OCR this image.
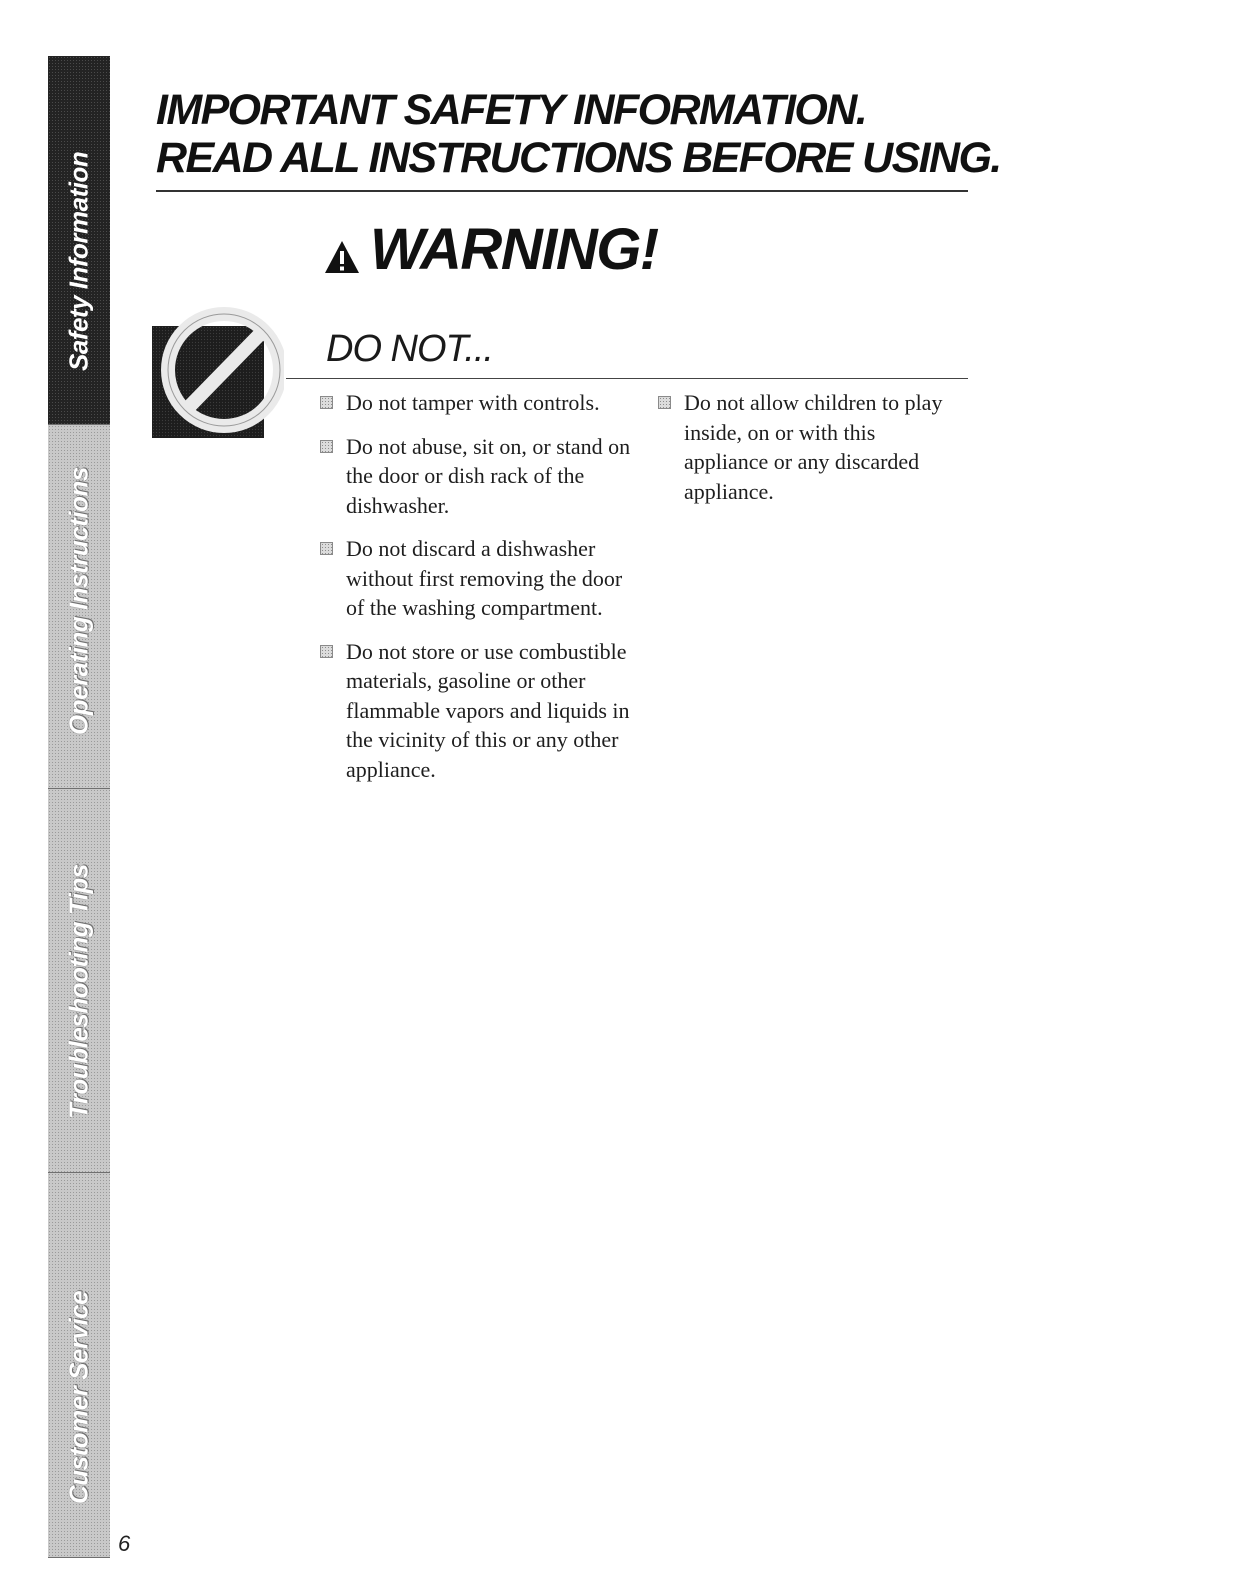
Safety Information
Operating Instructions
Troubleshooting Tips
Customer Service
6
IMPORTANT SAFETY INFORMATION.
READ ALL INSTRUCTIONS BEFORE USING.
WARNING!
DO NOT...
Do not tamper with controls.
Do not abuse, sit on, or stand on the door or dish rack of the dishwasher.
Do not discard a dishwasher without first removing the door of the washing compartment.
Do not store or use combustible materials, gasoline or other flammable vapors and liquids in the vicinity of this or any other appliance.
Do not allow children to play inside, on or with this appliance or any discarded appliance.
